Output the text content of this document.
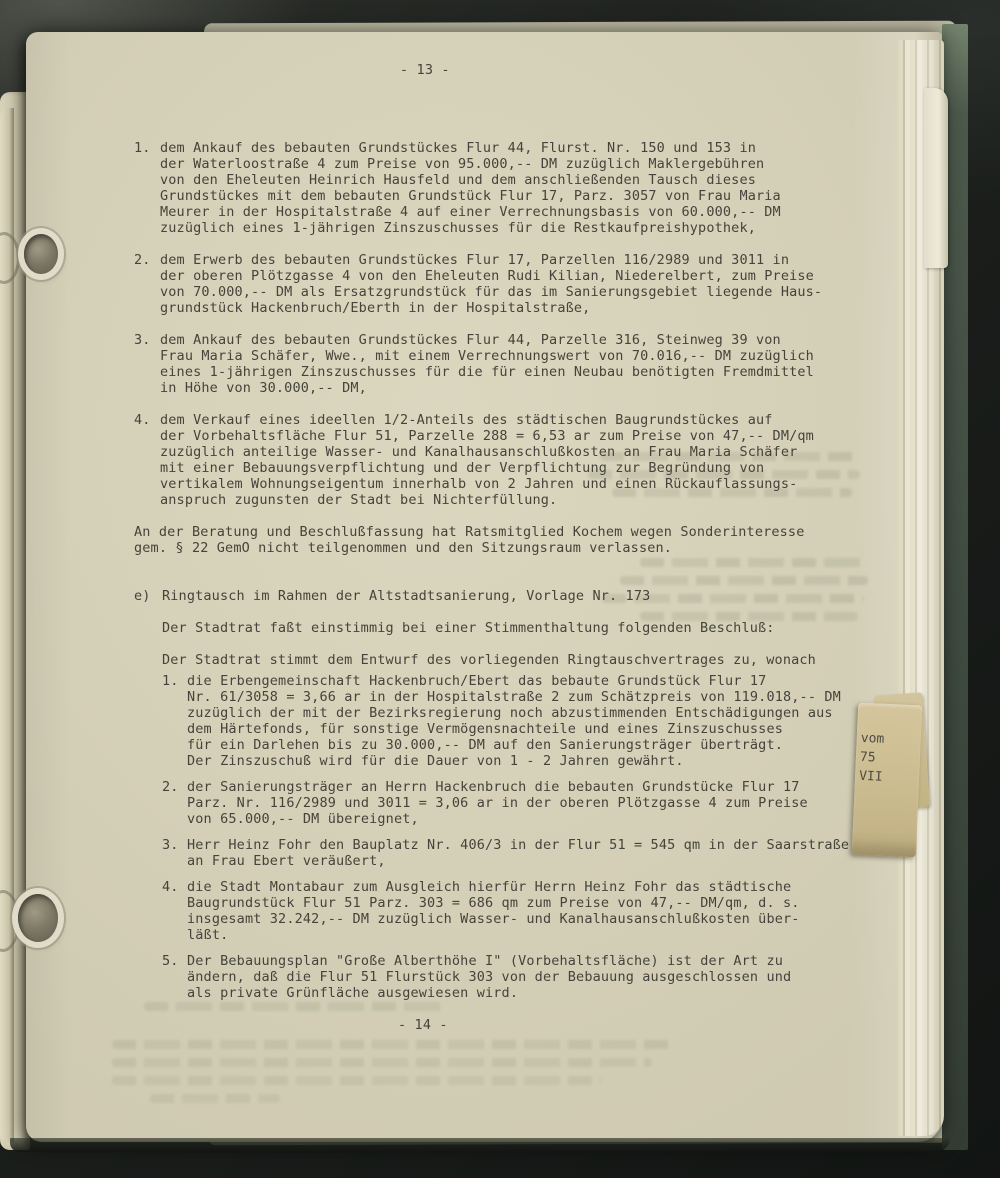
- 13 -
- 14 -
1. dem Ankauf des bebauten Grundstückes Flur 44, Flurst. Nr. 150 und 153 in
der Waterloostraße 4 zum Preise von 95.000,-- DM zuzüglich Maklergebühren
von den Eheleuten Heinrich Hausfeld und dem anschließenden Tausch dieses
Grundstückes mit dem bebauten Grundstück Flur 17, Parz. 3057 von Frau Maria
Meurer in der Hospitalstraße 4 auf einer Verrechnungsbasis von 60.000,-- DM
zuzüglich eines 1-jährigen Zinszuschusses für die Restkaufpreishypothek,
2. dem Erwerb des bebauten Grundstückes Flur 17, Parzellen 116/2989 und 3011 in
der oberen Plötzgasse 4 von den Eheleuten Rudi Kilian, Niederelbert, zum Preise
von 70.000,-- DM als Ersatzgrundstück für das im Sanierungsgebiet liegende Haus-
grundstück Hackenbruch/Eberth in der Hospitalstraße,
3. dem Ankauf des bebauten Grundstückes Flur 44, Parzelle 316, Steinweg 39 von
Frau Maria Schäfer, Wwe., mit einem Verrechnungswert von 70.016,-- DM zuzüglich
eines 1-jährigen Zinszuschusses für die für einen Neubau benötigten Fremdmittel
in Höhe von 30.000,-- DM,
4. dem Verkauf eines ideellen 1/2-Anteils des städtischen Baugrundstückes auf
der Vorbehaltsfläche Flur 51, Parzelle 288 = 6,53 ar zum Preise von 47,-- DM/qm
zuzüglich anteilige Wasser- und Kanalhausanschlußkosten an Frau Maria Schäfer
mit einer Bebauungsverpflichtung und der Verpflichtung zur Begründung von
vertikalem Wohnungseigentum innerhalb von 2 Jahren und einen Rückauflassungs-
anspruch zugunsten der Stadt bei Nichterfüllung.
An der Beratung und Beschlußfassung hat Ratsmitglied Kochem wegen Sonderinteresse
gem. § 22 GemO nicht teilgenommen und den Sitzungsraum verlassen.
e) Ringtausch im Rahmen der Altstadtsanierung, Vorlage Nr. 173
Der Stadtrat faßt einstimmig bei einer Stimmenthaltung folgenden Beschluß:
Der Stadtrat stimmt dem Entwurf des vorliegenden Ringtauschvertrages zu, wonach
1. die Erbengemeinschaft Hackenbruch/Ebert das bebaute Grundstück Flur 17
Nr. 61/3058 = 3,66 ar in der Hospitalstraße 2 zum Schätzpreis von 119.018,-- DM
zuzüglich der mit der Bezirksregierung noch abzustimmenden Entschädigungen aus
dem Härtefonds, für sonstige Vermögensnachteile und eines Zinszuschusses
für ein Darlehen bis zu 30.000,-- DM auf den Sanierungsträger überträgt.
Der Zinszuschuß wird für die Dauer von 1 - 2 Jahren gewährt.
2. der Sanierungsträger an Herrn Hackenbruch die bebauten Grundstücke Flur 17
Parz. Nr. 116/2989 und 3011 = 3,06 ar in der oberen Plötzgasse 4 zum Preise
von 65.000,-- DM übereignet,
3. Herr Heinz Fohr den Bauplatz Nr. 406/3 in der Flur 51 = 545 qm in der Saarstraße
an Frau Ebert veräußert,
4. die Stadt Montabaur zum Ausgleich hierfür Herrn Heinz Fohr das städtische
Baugrundstück Flur 51 Parz. 303 = 686 qm zum Preise von 47,-- DM/qm, d. s.
insgesamt 32.242,-- DM zuzüglich Wasser- und Kanalhausanschlußkosten über-
läßt.
5. Der Bebauungsplan "Große Alberthöhe I" (Vorbehaltsfläche) ist der Art zu
ändern, daß die Flur 51 Flurstück 303 von der Bebauung ausgeschlossen und
als private Grünfläche ausgewiesen wird.
vom
75
VII
